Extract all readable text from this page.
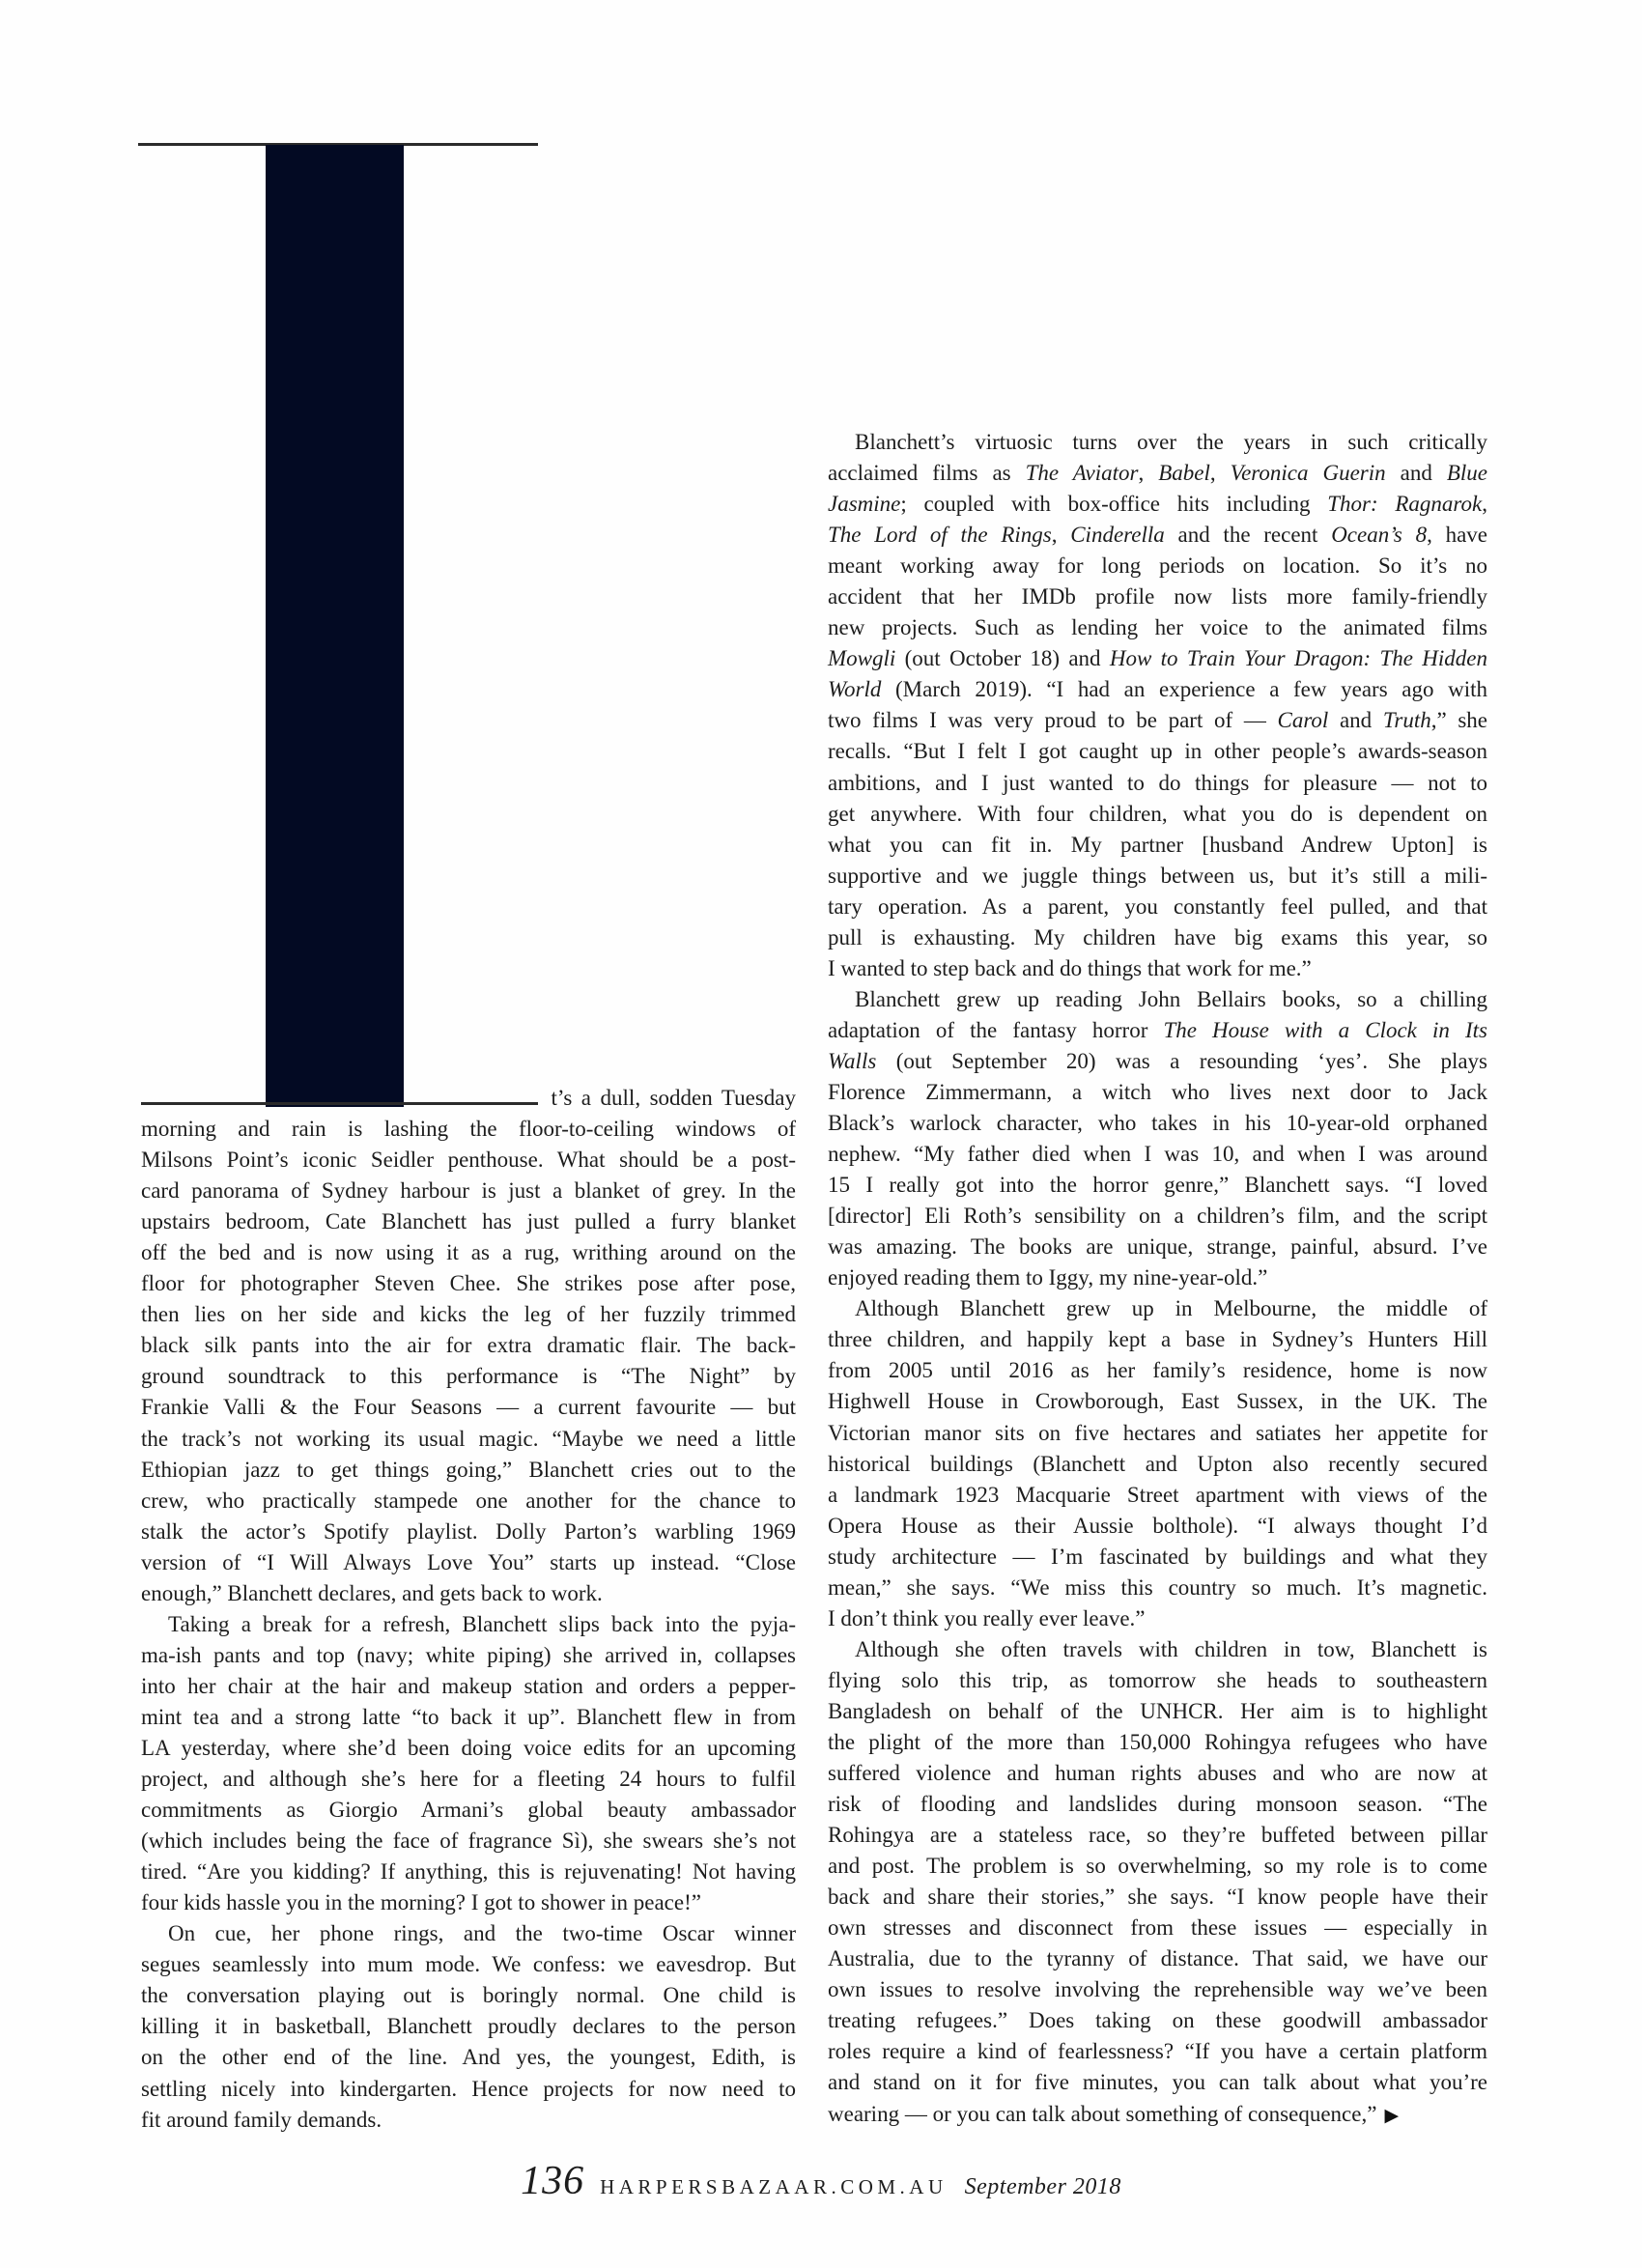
t’s a dull, sodden Tuesday
morning and rain is lashing the floor-to-ceiling windows of
Milsons Point’s iconic Seidler penthouse. What should be a post-
card panorama of Sydney harbour is just a blanket of grey. In the
upstairs bedroom, Cate Blanchett has just pulled a furry blanket
off the bed and is now using it as a rug, writhing around on the
floor for photographer Steven Chee. She strikes pose after pose,
then lies on her side and kicks the leg of her fuzzily trimmed
black silk pants into the air for extra dramatic flair. The back-
ground soundtrack to this performance is “The Night” by
Frankie Valli & the Four Seasons — a current favourite — but
the track’s not working its usual magic. “Maybe we need a little
Ethiopian jazz to get things going,” Blanchett cries out to the
crew, who practically stampede one another for the chance to
stalk the actor’s Spotify playlist. Dolly Parton’s warbling 1969
version of “I Will Always Love You” starts up instead. “Close
enough,” Blanchett declares, and gets back to work.
Taking a break for a refresh, Blanchett slips back into the pyja-
ma-ish pants and top (navy; white piping) she arrived in, collapses
into her chair at the hair and makeup station and orders a pepper-
mint tea and a strong latte “to back it up”. Blanchett flew in from
LA yesterday, where she’d been doing voice edits for an upcoming
project, and although she’s here for a fleeting 24 hours to fulfil
commitments as Giorgio Armani’s global beauty ambassador
(which includes being the face of fragrance Sì), she swears she’s not
tired. “Are you kidding? If anything, this is rejuvenating! Not having
four kids hassle you in the morning? I got to shower in peace!”
On cue, her phone rings, and the two-time Oscar winner
segues seamlessly into mum mode. We confess: we eavesdrop. But
the conversation playing out is boringly normal. One child is
killing it in basketball, Blanchett proudly declares to the person
on the other end of the line. And yes, the youngest, Edith, is
settling nicely into kindergarten. Hence projects for now need to
fit around family demands.
Blanchett’s virtuosic turns over the years in such critically
acclaimed films as The Aviator, Babel, Veronica Guerin and Blue
Jasmine; coupled with box-office hits including Thor: Ragnarok,
The Lord of the Rings, Cinderella and the recent Ocean’s 8, have
meant working away for long periods on location. So it’s no
accident that her IMDb profile now lists more family-friendly
new projects. Such as lending her voice to the animated films
Mowgli (out October 18) and How to Train Your Dragon: The Hidden
World (March 2019). “I had an experience a few years ago with
two films I was very proud to be part of — Carol and Truth,” she
recalls. “But I felt I got caught up in other people’s awards-season
ambitions, and I just wanted to do things for pleasure — not to
get anywhere. With four children, what you do is dependent on
what you can fit in. My partner [husband Andrew Upton] is
supportive and we juggle things between us, but it’s still a mili-
tary operation. As a parent, you constantly feel pulled, and that
pull is exhausting. My children have big exams this year, so
I wanted to step back and do things that work for me.”
Blanchett grew up reading John Bellairs books, so a chilling
adaptation of the fantasy horror The House with a Clock in Its
Walls (out September 20) was a resounding ‘yes’. She plays
Florence Zimmermann, a witch who lives next door to Jack
Black’s warlock character, who takes in his 10-year-old orphaned
nephew. “My father died when I was 10, and when I was around
15 I really got into the horror genre,” Blanchett says. “I loved
[director] Eli Roth’s sensibility on a children’s film, and the script
was amazing. The books are unique, strange, painful, absurd. I’ve
enjoyed reading them to Iggy, my nine-year-old.”
Although Blanchett grew up in Melbourne, the middle of
three children, and happily kept a base in Sydney’s Hunters Hill
from 2005 until 2016 as her family’s residence, home is now
Highwell House in Crowborough, East Sussex, in the UK. The
Victorian manor sits on five hectares and satiates her appetite for
historical buildings (Blanchett and Upton also recently secured
a landmark 1923 Macquarie Street apartment with views of the
Opera House as their Aussie bolthole). “I always thought I’d
study architecture — I’m fascinated by buildings and what they
mean,” she says. “We miss this country so much. It’s magnetic.
I don’t think you really ever leave.”
Although she often travels with children in tow, Blanchett is
flying solo this trip, as tomorrow she heads to southeastern
Bangladesh on behalf of the UNHCR. Her aim is to highlight
the plight of the more than 150,000 Rohingya refugees who have
suffered violence and human rights abuses and who are now at
risk of flooding and landslides during monsoon season. “The
Rohingya are a stateless race, so they’re buffeted between pillar
and post. The problem is so overwhelming, so my role is to come
back and share their stories,” she says. “I know people have their
own stresses and disconnect from these issues — especially in
Australia, due to the tyranny of distance. That said, we have our
own issues to resolve involving the reprehensible way we’ve been
treating refugees.” Does taking on these goodwill ambassador
roles require a kind of fearlessness? “If you have a certain platform
and stand on it for five minutes, you can talk about what you’re
wearing — or you can talk about something of consequence,” ▶
136 HARPERSBAZAAR.COM.AU September 2018
